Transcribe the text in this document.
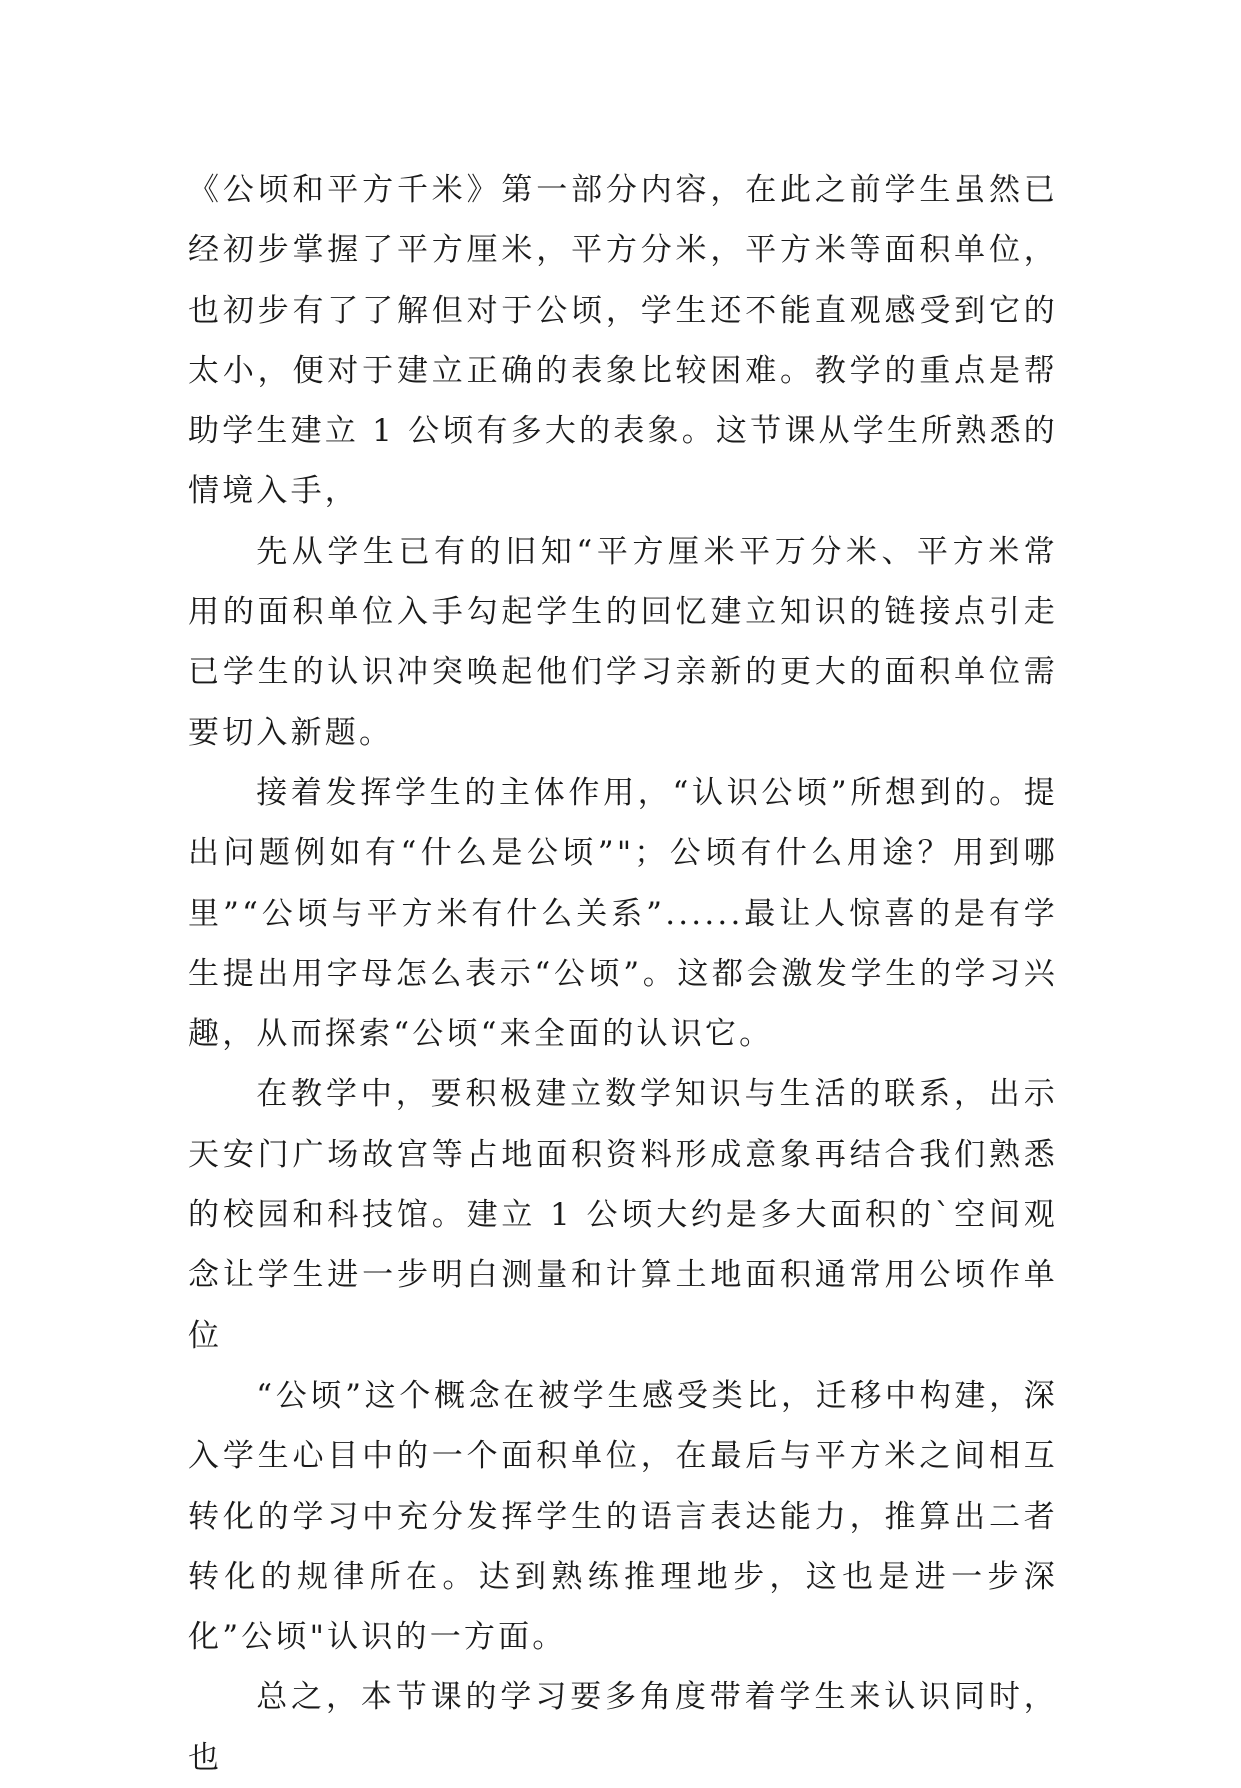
《公顷和平方千米》第一部分内容，在此之前学生虽然已经初步掌握了平方厘米，平方分米，平方米等面积单位，也初步有了了解但对于公顷，学生还不能直观感受到它的太小，便对于建立正确的表象比较困难。教学的重点是帮助学生建立 1 公顷有多大的表象。这节课从学生所熟悉的情境入手，

先从学生已有的旧知“平方厘米平万分米、平方米常用的面积单位入手勾起学生的回忆建立知识的链接点引走已学生的认识冲突唤起他们学习亲新的更大的面积单位需要切入新题。

接着发挥学生的主体作用，“认识公顷”所想到的。提出问题例如有“什么是公顷”"；公顷有什么用途？用到哪里”“公顷与平方米有什么关系”......最让人惊喜的是有学生提出用字母怎么表示“公顷”。这都会激发学生的学习兴趣，从而探索“公顷“来全面的认识它。

在教学中，要积极建立数学知识与生活的联系，出示天安门广场故宫等占地面积资料形成意象再结合我们熟悉的校园和科技馆。建立 1 公顷大约是多大面积的`空间观念让学生进一步明白测量和计算土地面积通常用公顷作单位

“公顷”这个概念在被学生感受类比，迁移中构建，深入学生心目中的一个面积单位，在最后与平方米之间相互转化的学习中充分发挥学生的语言表达能力，推算出二者转化的规律所在。达到熟练推理地步，这也是进一步深化”公顷"认识的一方面。

总之，本节课的学习要多角度带着学生来认识同时，也
